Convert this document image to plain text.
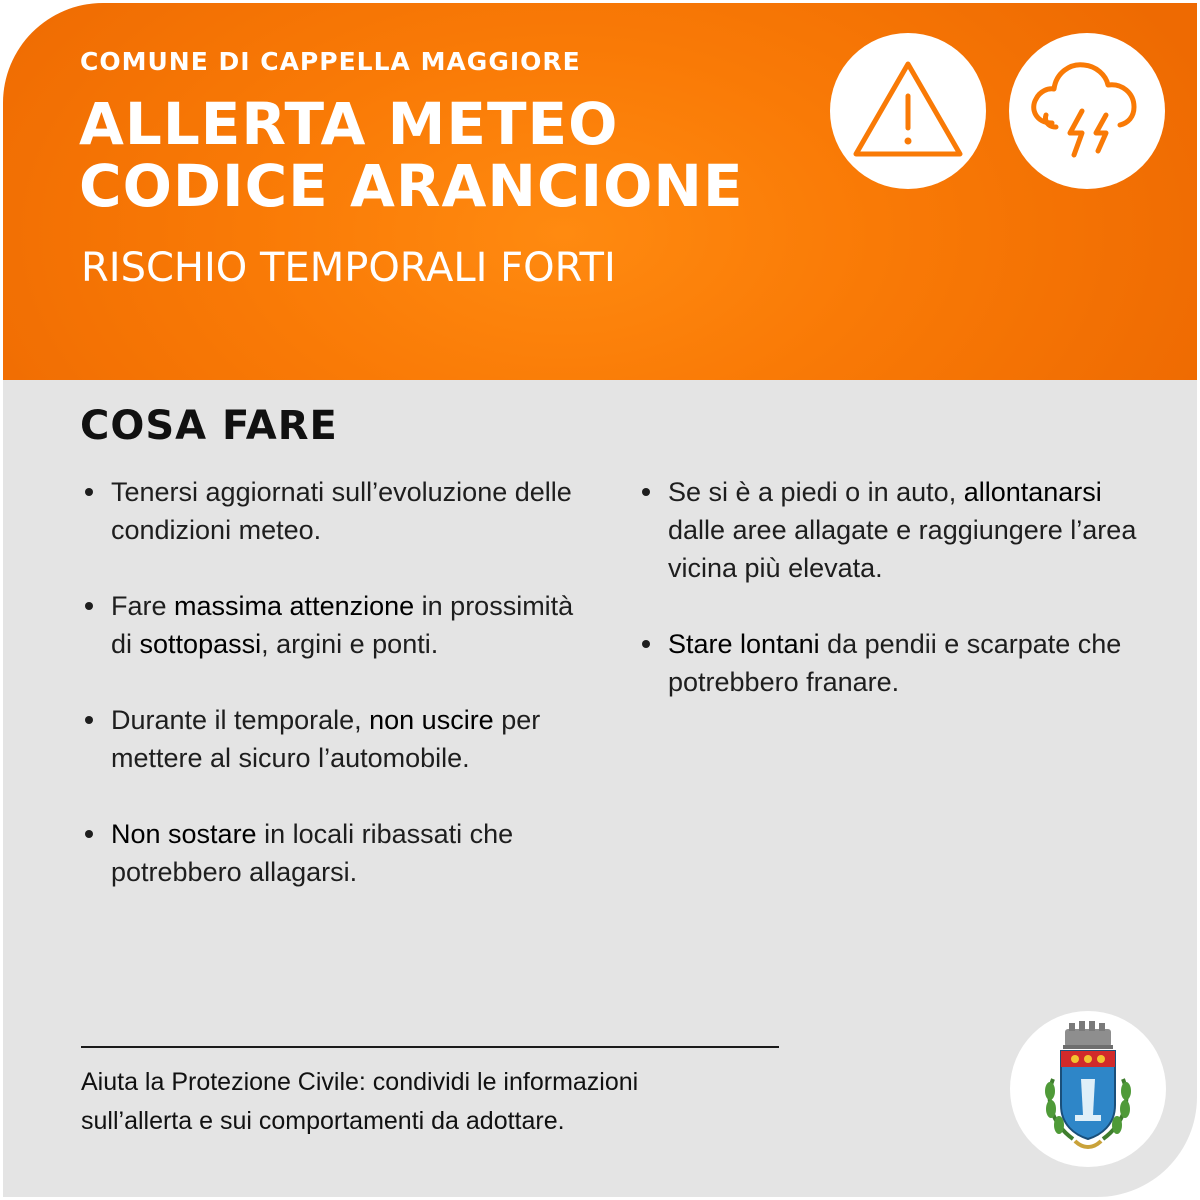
COMUNE DI CAPPELLA MAGGIORE
ALLERTA METEO
CODICE ARANCIONE
RISCHIO TEMPORALI FORTI
COSA FARE
Tenersi aggiornati sull’evoluzione delle condizioni meteo.
Fare massima attenzione in prossimità di sottopassi, argini e ponti.
Durante il temporale, non uscire per mettere al sicuro l’automobile.
Non sostare in locali ribassati che potrebbero allagarsi.
Se si è a piedi o in auto, allontanarsi dalle aree allagate e raggiungere l’area vicina più elevata.
Stare lontani da pendii e scarpate che potrebbero franare.
Aiuta la Protezione Civile: condividi le informazioni
sull’allerta e sui comportamenti da adottare.
